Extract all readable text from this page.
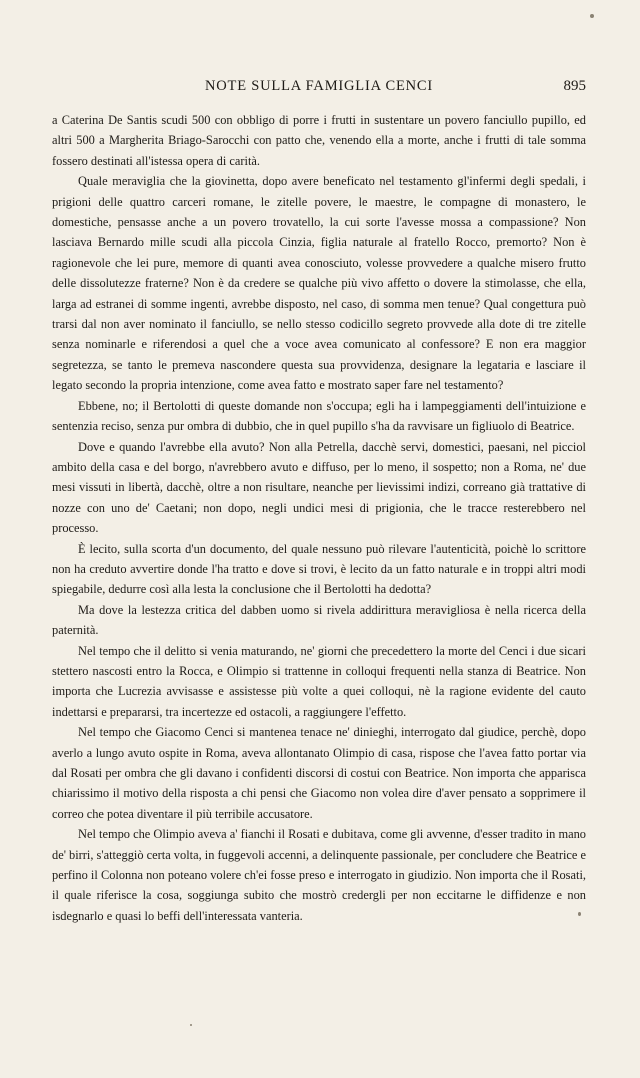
NOTE SULLA FAMIGLIA CENCI	895

a Caterina De Santis scudi 500 con obbligo di porre i frutti in sustentare un povero fanciullo pupillo, ed altri 500 a Margherita Briago-Sarocchi con patto che, venendo ella a morte, anche i frutti di tale somma fossero destinati all'istessa opera di carità.

Quale meraviglia che la giovinetta, dopo avere beneficato nel testamento gl'infermi degli spedali, i prigioni delle quattro carceri romane, le zitelle povere, le maestre, le compagne di monastero, le domestiche, pensasse anche a un povero trovatello, la cui sorte l'avesse mossa a compassione? Non lasciava Bernardo mille scudi alla piccola Cinzia, figlia naturale al fratello Rocco, premorto? Non è ragionevole che lei pure, memore di quanti avea conosciuto, volesse provvedere a qualche misero frutto delle dissolutezze fraterne? Non è da credere se qualche più vivo affetto o dovere la stimolasse, che ella, larga ad estranei di somme ingenti, avrebbe disposto, nel caso, di somma men tenue? Qual congettura può trarsi dal non aver nominato il fanciullo, se nello stesso codicillo segreto provvede alla dote di tre zitelle senza nominarle e riferendosi a quel che a voce avea comunicato al confessore? E non era maggior segretezza, se tanto le premeva nascondere questa sua provvidenza, designare la legataria e lasciare il legato secondo la propria intenzione, come avea fatto e mostrato saper fare nel testamento?

Ebbene, no; il Bertolotti di queste domande non s'occupa; egli ha i lampeggiamenti dell'intuizione e sentenzia reciso, senza pur ombra di dubbio, che in quel pupillo s'ha da ravvisare un figliuolo di Beatrice.

Dove e quando l'avrebbe ella avuto? Non alla Petrella, dacchè servi, domestici, paesani, nel picciol ambito della casa e del borgo, n'avrebbero avuto e diffuso, per lo meno, il sospetto; non a Roma, ne' due mesi vissuti in libertà, dacchè, oltre a non risultare, neanche per lievissimi indizi, correano già trattative di nozze con uno de' Caetani; non dopo, negli undici mesi di prigionia, che le tracce resterebbero nel processo.

È lecito, sulla scorta d'un documento, del quale nessuno può rilevare l'autenticità, poichè lo scrittore non ha creduto avvertire donde l'ha tratto e dove si trovi, è lecito da un fatto naturale e in troppi altri modi spiegabile, dedurre così alla lesta la conclusione che il Bertolotti ha dedotta?

Ma dove la lestezza critica del dabben uomo si rivela addirittura meravigliosa è nella ricerca della paternità.

Nel tempo che il delitto si venia maturando, ne' giorni che precedettero la morte del Cenci i due sicari stettero nascosti entro la Rocca, e Olimpio si trattenne in colloqui frequenti nella stanza di Beatrice. Non importa che Lucrezia avvisasse e assistesse più volte a quei colloqui, nè la ragione evidente del cauto indettarsi e prepararsi, tra incertezze ed ostacoli, a raggiungere l'effetto.

Nel tempo che Giacomo Cenci si mantenea tenace ne' dinieghi, interrogato dal giudice, perchè, dopo averlo a lungo avuto ospite in Roma, aveva allontanato Olimpio di casa, rispose che l'avea fatto portar via dal Rosati per ombra che gli davano i confidenti discorsi di costui con Beatrice. Non importa che apparisca chiarissimo il motivo della risposta a chi pensi che Giacomo non volea dire d'aver pensato a sopprimere il correo che potea diventare il più terribile accusatore.

Nel tempo che Olimpio aveva a' fianchi il Rosati e dubitava, come gli avvenne, d'esser tradito in mano de' birri, s'atteggiò certa volta, in fuggevoli accenni, a delinquente passionale, per concludere che Beatrice e perfino il Colonna non poteano volere ch'ei fosse preso e interrogato in giudizio. Non importa che il Rosati, il quale riferisce la cosa, soggiunga subito che mostrò credergli per non eccitarne le diffidenze e non isdegnarlo e quasi lo beffi dell'interessata vanteria.
